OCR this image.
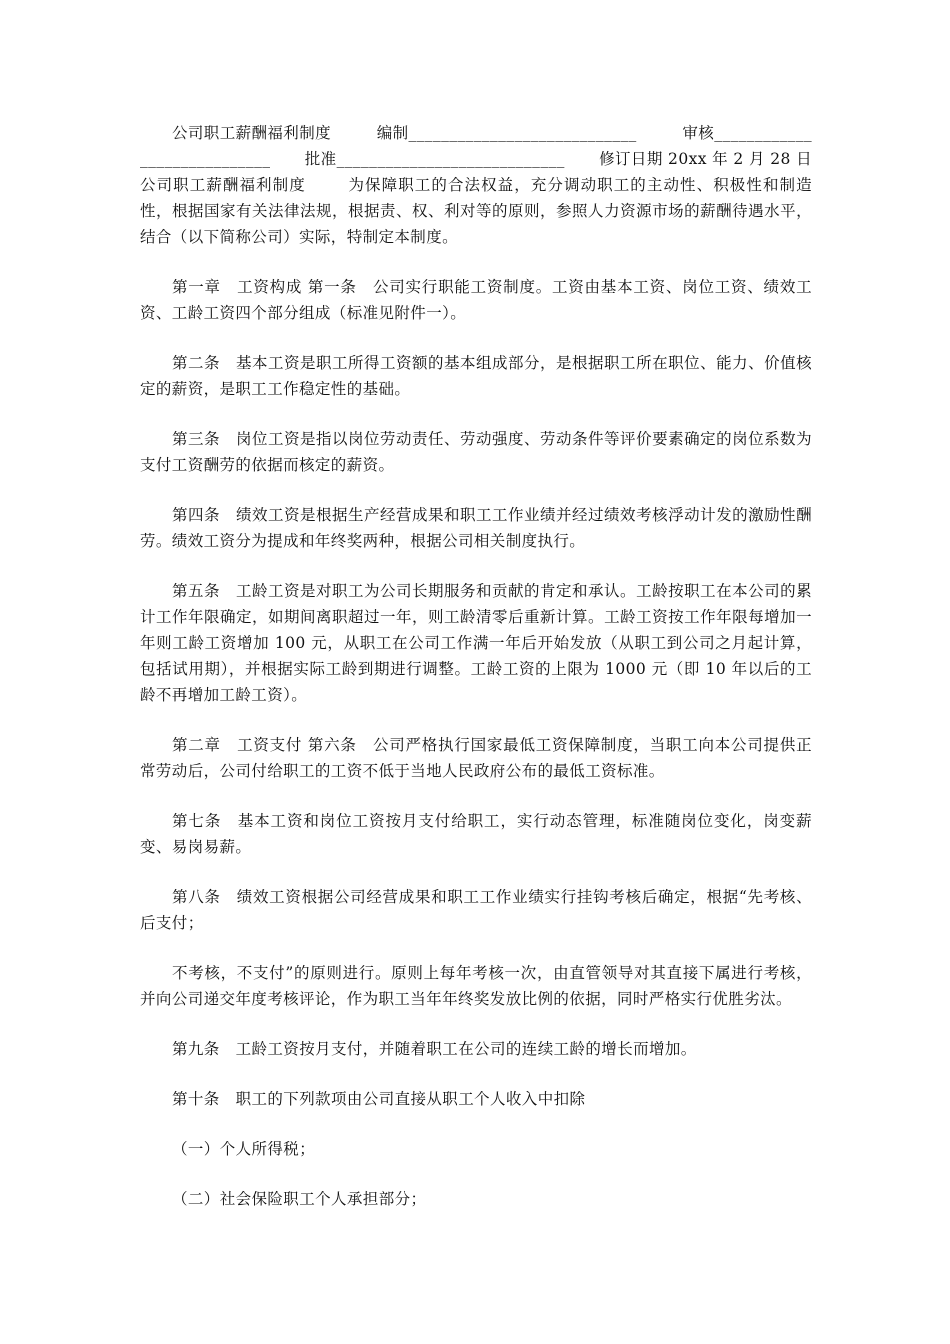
公司职工薪酬福利制度	编制____________________________	审核____________
________________ 批准____________________________ 修订日期 20xx 年 2 月 28 日

公司职工薪酬福利制度	为保障职工的合法权益，充分调动职工的主动性、积极性和制造性，根据国家有关法律法规，根据责、权、利对等的原则，参照人力资源市场的薪酬待遇水平，结合（以下简称公司）实际，特制定本制度。

第一章　工资构成 第一条　公司实行职能工资制度。工资由基本工资、岗位工资、绩效工资、工龄工资四个部分组成（标准见附件一）。

第二条　基本工资是职工所得工资额的基本组成部分，是根据职工所在职位、能力、价值核定的薪资，是职工工作稳定性的基础。

第三条　岗位工资是指以岗位劳动责任、劳动强度、劳动条件等评价要素确定的岗位系数为支付工资酬劳的依据而核定的薪资。

第四条　绩效工资是根据生产经营成果和职工工作业绩并经过绩效考核浮动计发的激励性酬劳。绩效工资分为提成和年终奖两种，根据公司相关制度执行。

第五条　工龄工资是对职工为公司长期服务和贡献的肯定和承认。工龄按职工在本公司的累计工作年限确定，如期间离职超过一年，则工龄清零后重新计算。工龄工资按工作年限每增加一年则工龄工资增加 100 元，从职工在公司工作满一年后开始发放（从职工到公司之月起计算，包括试用期），并根据实际工龄到期进行调整。工龄工资的上限为 1000 元（即 10 年以后的工龄不再增加工龄工资）。

第二章　工资支付 第六条　公司严格执行国家最低工资保障制度，当职工向本公司提供正常劳动后，公司付给职工的工资不低于当地人民政府公布的最低工资标准。

第七条　基本工资和岗位工资按月支付给职工，实行动态管理，标准随岗位变化，岗变薪变、易岗易薪。

第八条　绩效工资根据公司经营成果和职工工作业绩实行挂钩考核后确定，根据“先考核、后支付；

不考核，不支付”的原则进行。原则上每年考核一次，由直管领导对其直接下属进行考核，并向公司递交年度考核评论，作为职工当年年终奖发放比例的依据，同时严格实行优胜劣汰。

第九条　工龄工资按月支付，并随着职工在公司的连续工龄的增长而增加。

第十条　职工的下列款项由公司直接从职工个人收入中扣除

（一）个人所得税；

（二）社会保险职工个人承担部分；
